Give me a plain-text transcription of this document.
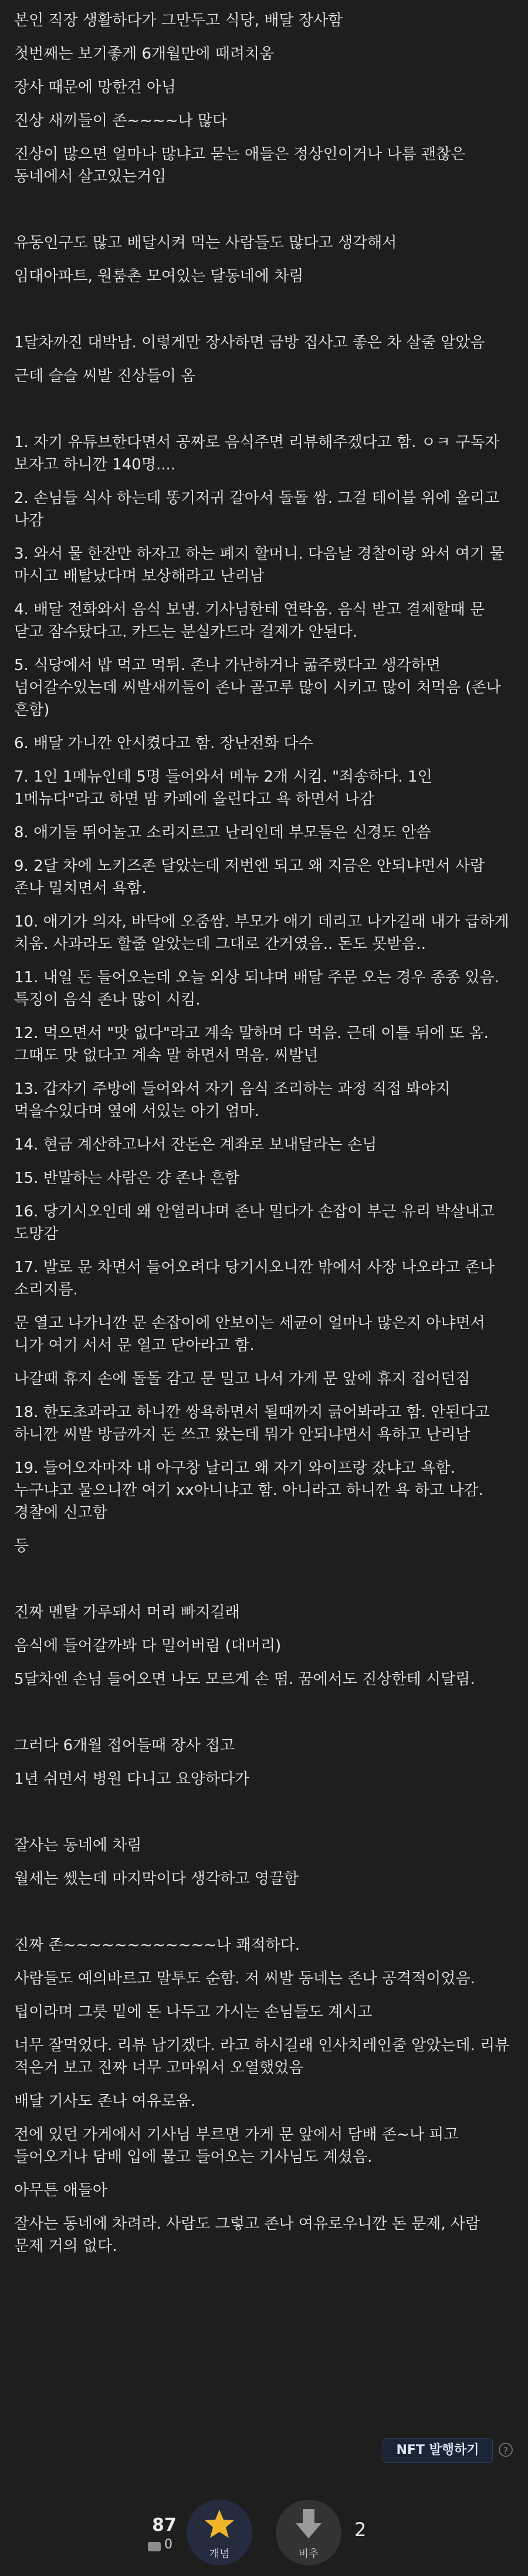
본인 직장 생활하다가 그만두고 식당, 배달 장사함
첫번째는 보기좋게 6개월만에 때려치움
장사 때문에 망한건 아님
진상 새끼들이 존~~~~나 많다
진상이 많으면 얼마나 많냐고 묻는 애들은 정상인이거나 나름 괜찮은 동네에서 살고있는거임
유동인구도 많고 배달시켜 먹는 사람들도 많다고 생각해서
임대아파트, 원룸촌 모여있는 달동네에 차림
1달차까진 대박남. 이렇게만 장사하면 금방 집사고 좋은 차 살줄 알았음
근데 슬슬 씨발 진상들이 옴
1. 자기 유튜브한다면서 공짜로 음식주면 리뷰해주겠다고 함. ㅇㅋ 구독자 보자고 하니깐 140명....
2. 손님들 식사 하는데 똥기저귀 갈아서 돌돌 쌈. 그걸 테이블 위에 올리고 나감
3. 와서 물 한잔만 하자고 하는 폐지 할머니. 다음날 경찰이랑 와서 여기 물 마시고 배탈났다며 보상해라고 난리남
4. 배달 전화와서 음식 보냄. 기사님한테 연락옴. 음식 받고 결제할때 문 닫고 잠수탔다고. 카드는 분실카드라 결제가 안된다.
5. 식당에서 밥 먹고 먹튀. 존나 가난하거나 굶주렸다고 생각하면 넘어갈수있는데 씨발새끼들이 존나 골고루 많이 시키고 많이 처먹음 (존나 흔함)
6. 배달 가니깐 안시켰다고 함. 장난전화 다수
7. 1인 1메뉴인데 5명 들어와서 메뉴 2개 시킴. "죄송하다. 1인 1메뉴다"라고 하면 맘 카페에 올린다고 욕 하면서 나감
8. 애기들 뛰어놀고 소리지르고 난리인데 부모들은 신경도 안씀
9. 2달 차에 노키즈존 달았는데 저번엔 되고 왜 지금은 안되냐면서 사람 존나 밀치면서 욕함.
10. 애기가 의자, 바닥에 오줌쌈. 부모가 애기 데리고 나가길래 내가 급하게 치움. 사과라도 할줄 알았는데 그대로 간거였음.. 돈도 못받음..
11. 내일 돈 들어오는데 오늘 외상 되냐며 배달 주문 오는 경우 종종 있음. 특징이 음식 존나 많이 시킴.
12. 먹으면서 "맛 없다"라고 계속 말하며 다 먹음. 근데 이틀 뒤에 또 옴. 그때도 맛 없다고 계속 말 하면서 먹음. 씨발년
13. 갑자기 주방에 들어와서 자기 음식 조리하는 과정 직접 봐야지 먹을수있다며 옆에 서있는 아기 엄마.
14. 현금 계산하고나서 잔돈은 계좌로 보내달라는 손님
15. 반말하는 사람은 걍 존나 흔함
16. 당기시오인데 왜 안열리냐며 존나 밀다가 손잡이 부근 유리 박살내고 도망감
17. 발로 문 차면서 들어오려다 당기시오니깐 밖에서 사장 나오라고 존나 소리지름.
문 열고 나가니깐 문 손잡이에 안보이는 세균이 얼마나 많은지 아냐면서 니가 여기 서서 문 열고 닫아라고 함.
나갈때 휴지 손에 돌돌 감고 문 밀고 나서 가게 문 앞에 휴지 집어던짐
18. 한도초과라고 하니깐 쌍욕하면서 될때까지 긁어봐라고 함. 안된다고 하니깐 씨발 방금까지 돈 쓰고 왔는데 뭐가 안되냐면서 욕하고 난리남
19. 들어오자마자 내 아구창 날리고 왜 자기 와이프랑 잤냐고 욕함. 누구냐고 물으니깐 여기 xx아니냐고 함. 아니라고 하니깐 욕 하고 나감. 경찰에 신고함
등
진짜 멘탈 가루돼서 머리 빠지길래
음식에 들어갈까봐 다 밀어버림 (대머리)
5달차엔 손님 들어오면 나도 모르게 손 떰. 꿈에서도 진상한테 시달림.
그러다 6개월 접어들때 장사 접고
1년 쉬면서 병원 다니고 요양하다가
잘사는 동네에 차림
월세는 쎘는데 마지막이다 생각하고 영끌함
진짜 존~~~~~~~~~~~~나 쾌적하다.
사람들도 예의바르고 말투도 순함. 저 씨발 동네는 존나 공격적이었음.
팁이라며 그릇 밑에 돈 나두고 가시는 손님들도 계시고
너무 잘먹었다. 리뷰 남기겠다. 라고 하시길래 인사치레인줄 알았는데. 리뷰 적은거 보고 진짜 너무 고마워서 오열했었음
배달 기사도 존나 여유로움.
전에 있던 가게에서 기사님 부르면 가게 문 앞에서 담배 존~나 피고 들어오거나 담배 입에 물고 들어오는 기사님도 계셨음.
아무튼 애들아
잘사는 동네에 차려라. 사람도 그렇고 존나 여유로우니깐 돈 문제, 사람 문제 거의 없다.
NFT 발행하기	?
87
0
개념	비추
2
